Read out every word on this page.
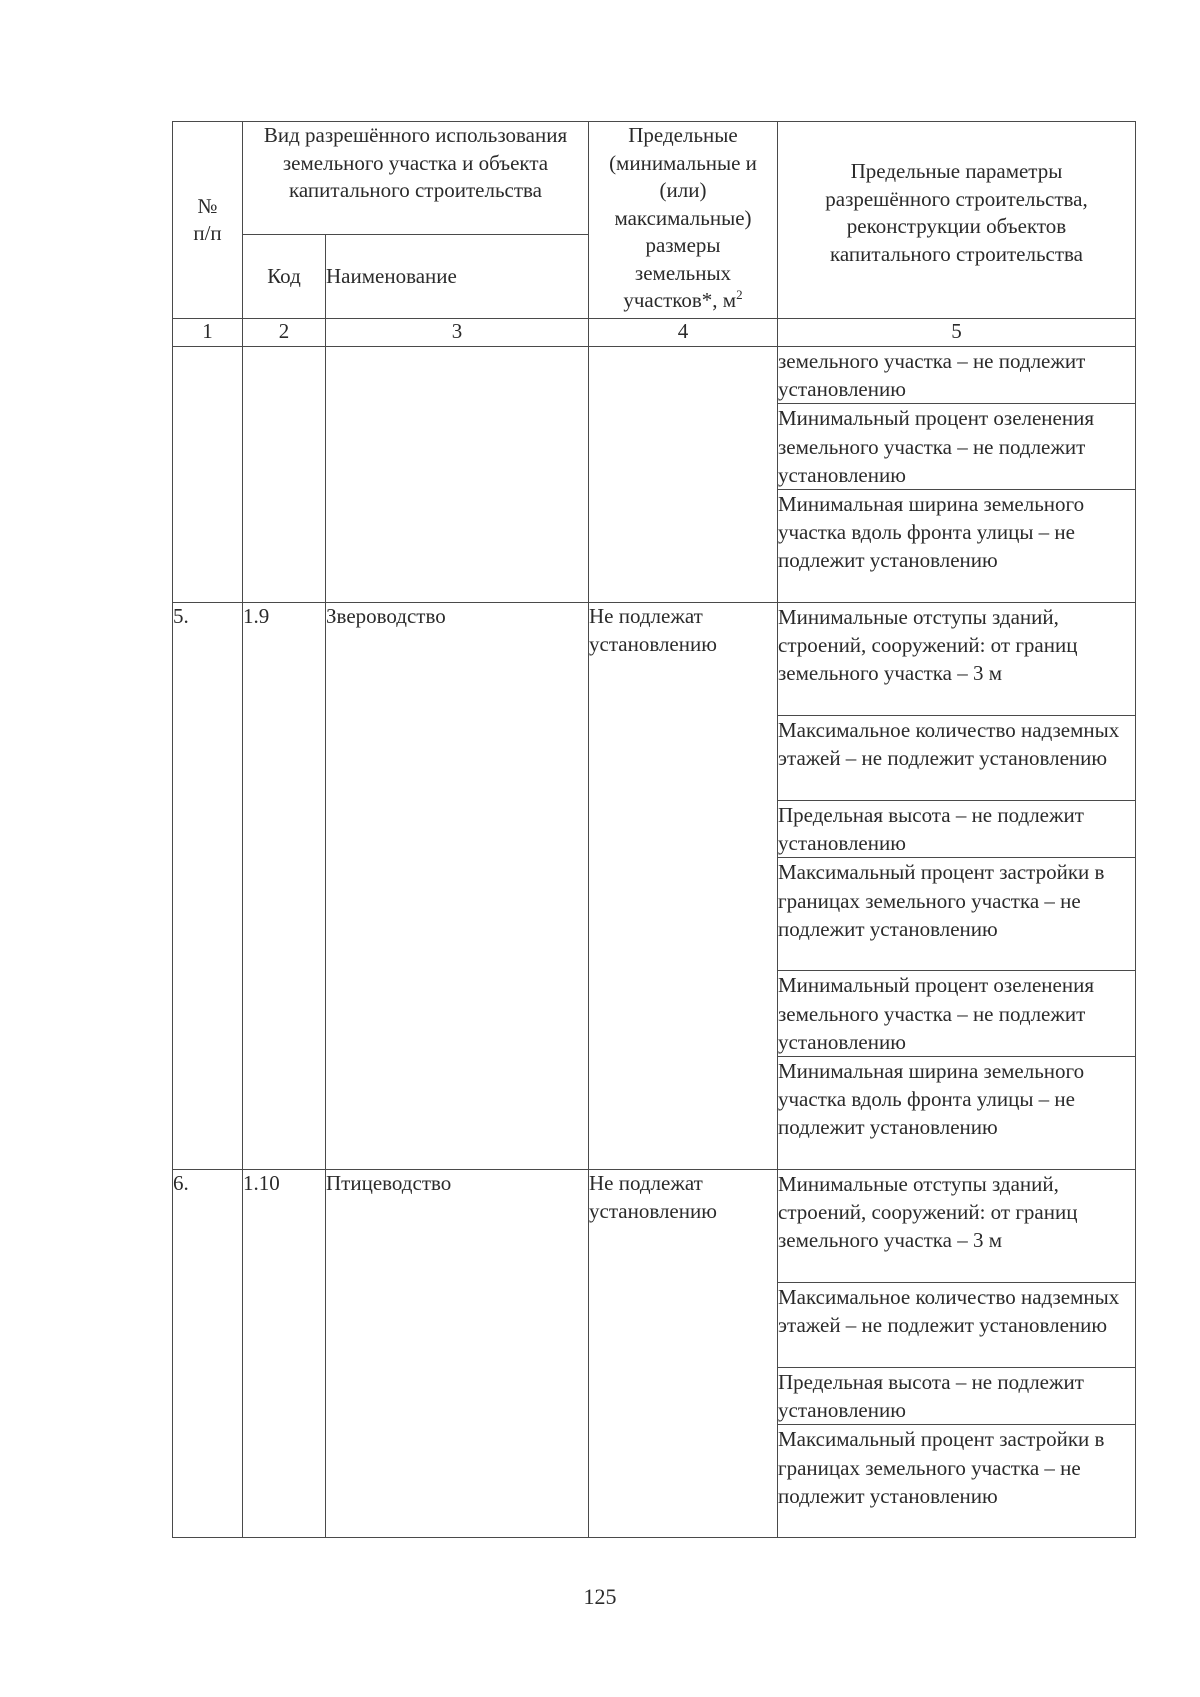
№ п/п	Вид разрешённого использования земельного участка и объекта капитального строительства		Предельные (минимальные и (или) максимальные) размеры земельных участков*, $м^2$	Предельные параметры разрешённого строительства, реконструкции объектов капитального строительства

	Код	Наименование		
1	2	3	4	5
				земельного участка – не подлежит установлению
				Минимальный процент озеленения земельного участка – не подлежит установлению
				Минимальная ширина земельного участка вдоль фронта улицы – не подлежит установлению
5.	1.9	Звероводство	Не подлежат установлению	Минимальные отступы зданий, строений, сооружений: от границ земельного участка – 3 м
				Максимальное количество надземных этажей – не подлежит установлению
				Предельная высота – не подлежит установлению
				Максимальный процент застройки в границах земельного участка – не подлежит установлению
				Минимальный процент озеленения земельного участка – не подлежит установлению
				Минимальная ширина земельного участка вдоль фронта улицы – не подлежит установлению
6.	1.10	Птицеводство	Не подлежат установлению	Минимальные отступы зданий, строений, сооружений: от границ земельного участка – 3 м
				Максимальное количество надземных этажей – не подлежит установлению
				Предельная высота – не подлежит установлению
				Максимальный процент застройки в границах земельного участка – не подлежит установлению
125
